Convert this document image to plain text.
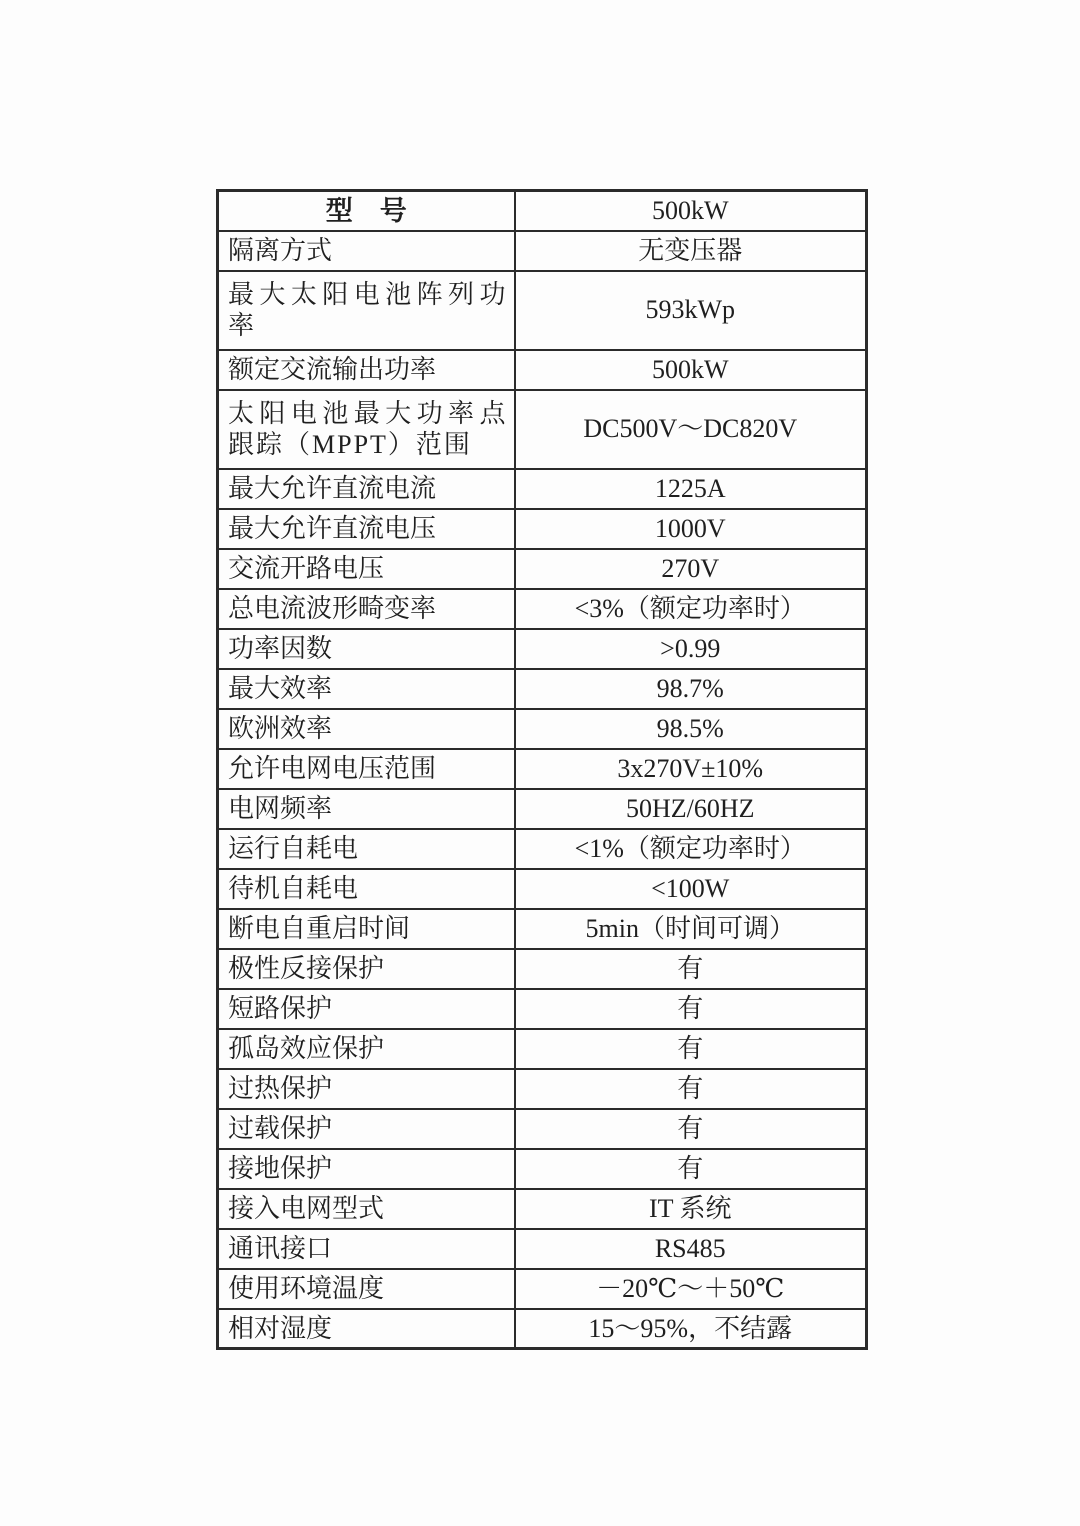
型　号	500kW
隔离方式	无变压器
最大太阳电池阵列功率	593kWp
额定交流输出功率	500kW
太阳电池最大功率点跟踪（MPPT）范围	DC500V～DC820V
最大允许直流电流	1225A
最大允许直流电压	1000V
交流开路电压	270V
总电流波形畸变率	<3%（额定功率时）
功率因数	>0.99
最大效率	98.7%
欧洲效率	98.5%
允许电网电压范围	3x270V±10%
电网频率	50HZ/60HZ
运行自耗电	<1%（额定功率时）
待机自耗电	<100W
断电自重启时间	5min（时间可调）
极性反接保护	有
短路保护	有
孤岛效应保护	有
过热保护	有
过载保护	有
接地保护	有
接入电网型式	IT 系统
通讯接口	RS485
使用环境温度	－20℃～＋50℃
相对湿度	15～95%，不结露
